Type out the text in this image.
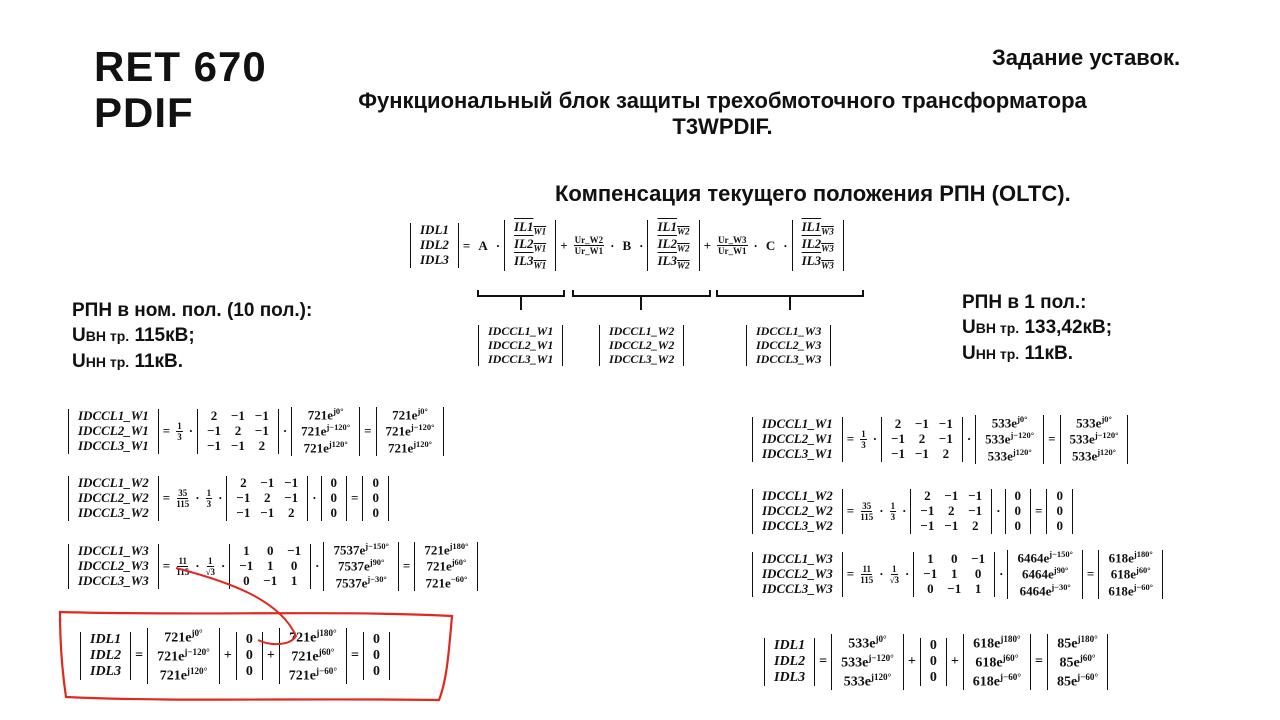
RET 670
PDIF
Задание уставок.
Функциональный блок защиты трехобмоточного трансформатора
T3WPDIF.
Компенсация текущего положения РПН (OLTC).
РПН в ном. пол. (10 пол.):
UВН тр. 115кВ;
UНН тр. 11кВ.
РПН в 1 пол.:
UВН тр. 133,42кВ;
UНН тр. 11кВ.
IDL1
IDL2
IDL3
= A ·
$IL1_{W1}$
$IL2_{W1}$
$IL3_{W1}$
+ $\frac{Ur\_W2}{Ur\_W1} \cdot B$ ·
$IL1_{W2}$
$IL2_{W2}$
$IL3_{W2}$
+ $\frac{Ur\_W3}{Ur\_W1} \cdot C$ ·
$IL1_{W3}$
$IL2_{W3}$
$IL3_{W3}$
IDCCL1_W1
IDCCL2_W1
IDCCL3_W1
IDCCL1_W2
IDCCL2_W2
IDCCL3_W2
IDCCL1_W3
IDCCL2_W3
IDCCL3_W3
IDCCL1_W1
IDCCL2_W1
IDCCL3_W1
= $\frac{1}{3}$ ·
2	−1	−1
−1	2	−1
−1	−1	2
·
$721e^{j0^\circ}$
$721e^{j-120^\circ}$
$721e^{j120^\circ}$
=
$721e^{j0^\circ}$
$721e^{j-120^\circ}$
$721e^{j120^\circ}$
IDCCL1_W2
IDCCL2_W2
IDCCL3_W2
= $\frac{35}{115} \cdot \frac{1}{3}$ ·
2	−1	−1
−1	2	−1
−1	−1	2
·
0
0
0
=
0
0
0
IDCCL1_W3
IDCCL2_W3
IDCCL3_W3
= $\frac{11}{115} \cdot \frac{1}{√3}$ ·
1	0	−1
−1	1	0
0	−1	1
·
$7537e^{j-150^\circ}$
$7537e^{j90^\circ}$
$7537e^{j-30^\circ}$
=
$721e^{j180^\circ}$
$721e^{j60^\circ}$
$721e^{-60^\circ}$
IDL1
IDL2
IDL3
=
$721e^{j0^\circ}$
$721e^{j-120^\circ}$
$721e^{j120^\circ}$
+
0
0
0
+
$721e^{j180^\circ}$
$721e^{j60^\circ}$
$721e^{j-60^\circ}$
=
0
0
0
IDCCL1_W1
IDCCL2_W1
IDCCL3_W1
= $\frac{1}{3}$ ·
2	−1	−1
−1	2	−1
−1	−1	2
·
$533e^{j0^\circ}$
$533e^{j-120^\circ}$
$533e^{j120^\circ}$
=
$533e^{j0^\circ}$
$533e^{j-120^\circ}$
$533e^{j120^\circ}$
IDCCL1_W2
IDCCL2_W2
IDCCL3_W2
= $\frac{35}{115} \cdot \frac{1}{3}$ ·
2	−1	−1
−1	2	−1
−1	−1	2
·
0
0
0
=
0
0
0
IDCCL1_W3
IDCCL2_W3
IDCCL3_W3
= $\frac{11}{115} \cdot \frac{1}{√3}$ ·
1	0	−1
−1	1	0
0	−1	1
·
$6464e^{j-150^\circ}$
$6464e^{j90^\circ}$
$6464e^{j-30^\circ}$
=
$618e^{j180^\circ}$
$618e^{j60^\circ}$
$618e^{j-60^\circ}$
IDL1
IDL2
IDL3
=
$533e^{j0^\circ}$
$533e^{j-120^\circ}$
$533e^{j120^\circ}$
+
0
0
0
+
$618e^{j180^\circ}$
$618e^{j60^\circ}$
$618e^{j-60^\circ}$
=
$85e^{j180^\circ}$
$85e^{j60^\circ}$
$85e^{j-60^\circ}$
